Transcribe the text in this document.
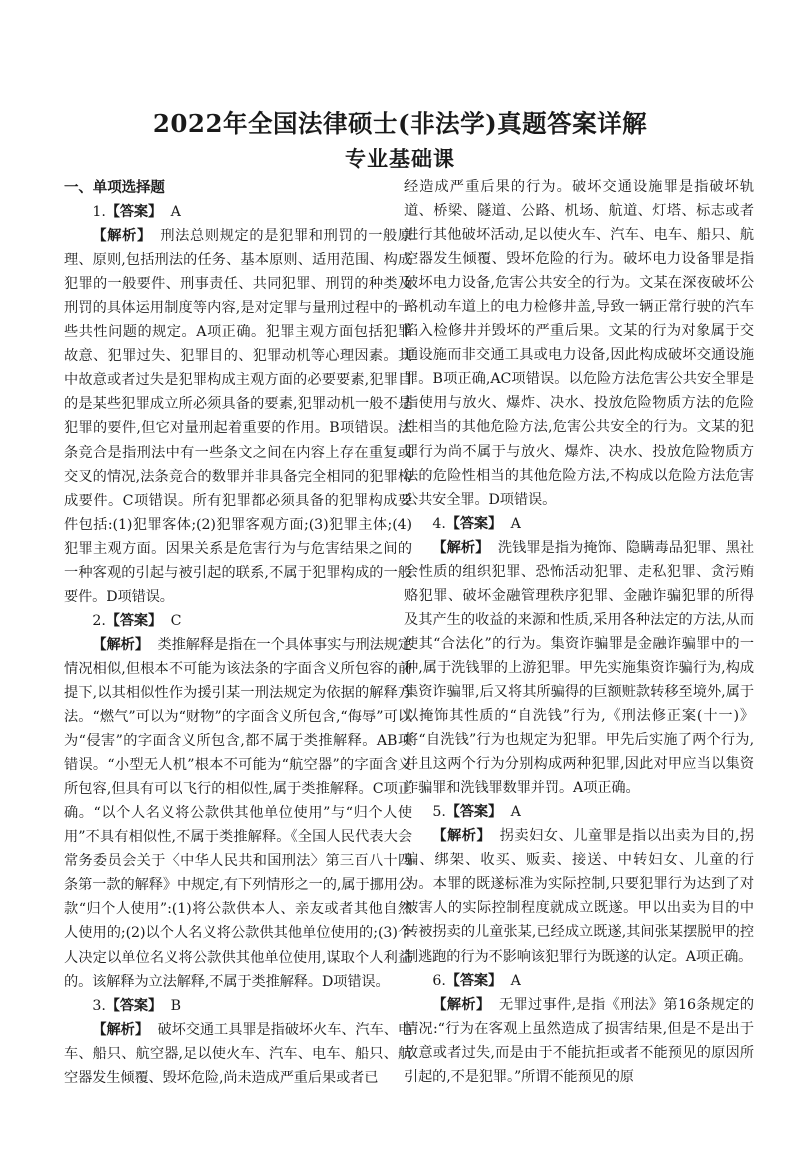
2022年全国法律硕士(非法学)真题答案详解
专业基础课

一、单项选择题

1.【答案】 A

【解析】 刑法总则规定的是犯罪和刑罚的一般原理、原则,包括刑法的任务、基本原则、适用范围、构成犯罪的一般要件、刑事责任、共同犯罪、刑罚的种类及刑罚的具体运用制度等内容,是对定罪与量刑过程中的一些共性问题的规定。A项正确。犯罪主观方面包括犯罪故意、犯罪过失、犯罪目的、犯罪动机等心理因素。其中故意或者过失是犯罪构成主观方面的必要要素,犯罪目的是某些犯罪成立所必须具备的要素,犯罪动机一般不是犯罪的要件,但它对量刑起着重要的作用。B项错误。法条竞合是指刑法中有一些条文之间在内容上存在重复或交叉的情况,法条竞合的数罪并非具备完全相同的犯罪构成要件。C项错误。所有犯罪都必须具备的犯罪构成要件包括:(1)犯罪客体;(2)犯罪客观方面;(3)犯罪主体;(4)犯罪主观方面。因果关系是危害行为与危害结果之间的一种客观的引起与被引起的联系,不属于犯罪构成的一般要件。D项错误。

2.【答案】 C

【解析】 类推解释是指在一个具体事实与刑法规定情况相似,但根本不可能为该法条的字面含义所包容的前提下,以其相似性作为援引某一刑法规定为依据的解释方法。“燃气”可以为“财物”的字面含义所包含,“侮辱”可以为“侵害”的字面含义所包含,都不属于类推解释。AB项错误。“小型无人机”根本不可能为“航空器”的字面含义所包容,但具有可以飞行的相似性,属于类推解释。C项正确。“以个人名义将公款供其他单位使用”与“归个人使用”不具有相似性,不属于类推解释。《全国人民代表大会常务委员会关于〈中华人民共和国刑法〉第三百八十四条第一款的解释》中规定,有下列情形之一的,属于挪用公款“归个人使用”:(1)将公款供本人、亲友或者其他自然人使用的;(2)以个人名义将公款供其他单位使用的;(3)个人决定以单位名义将公款供其他单位使用,谋取个人利益的。该解释为立法解释,不属于类推解释。D项错误。

3.【答案】 B

【解析】 破坏交通工具罪是指破坏火车、汽车、电车、船只、航空器,足以使火车、汽车、电车、船只、航空器发生倾覆、毁坏危险,尚未造成严重后果或者已

经造成严重后果的行为。破坏交通设施罪是指破坏轨道、桥梁、隧道、公路、机场、航道、灯塔、标志或者进行其他破坏活动,足以使火车、汽车、电车、船只、航空器发生倾覆、毁坏危险的行为。破坏电力设备罪是指破坏电力设备,危害公共安全的行为。文某在深夜破坏公路机动车道上的电力检修井盖,导致一辆正常行驶的汽车陷入检修井并毁坏的严重后果。文某的行为对象属于交通设施而非交通工具或电力设备,因此构成破坏交通设施罪。B项正确,AC项错误。以危险方法危害公共安全罪是指使用与放火、爆炸、决水、投放危险物质方法的危险性相当的其他危险方法,危害公共安全的行为。文某的犯罪行为尚不属于与放火、爆炸、决水、投放危险物质方法的危险性相当的其他危险方法,不构成以危险方法危害公共安全罪。D项错误。

4.【答案】 A

【解析】 洗钱罪是指为掩饰、隐瞒毒品犯罪、黑社会性质的组织犯罪、恐怖活动犯罪、走私犯罪、贪污贿赂犯罪、破坏金融管理秩序犯罪、金融诈骗犯罪的所得及其产生的收益的来源和性质,采用各种法定的方法,从而使其“合法化”的行为。集资诈骗罪是金融诈骗罪中的一种,属于洗钱罪的上游犯罪。甲先实施集资诈骗行为,构成集资诈骗罪,后又将其所骗得的巨额赃款转移至境外,属于以掩饰其性质的“自洗钱”行为,《刑法修正案(十一)》将“自洗钱”行为也规定为犯罪。甲先后实施了两个行为,并且这两个行为分别构成两种犯罪,因此对甲应当以集资诈骗罪和洗钱罪数罪并罚。A项正确。

5.【答案】 A

【解析】 拐卖妇女、儿童罪是指以出卖为目的,拐骗、绑架、收买、贩卖、接送、中转妇女、儿童的行为。本罪的既遂标准为实际控制,只要犯罪行为达到了对被害人的实际控制程度就成立既遂。甲以出卖为目的中转被拐卖的儿童张某,已经成立既遂,其间张某摆脱甲的控制逃跑的行为不影响该犯罪行为既遂的认定。A项正确。

6.【答案】 A

【解析】 无罪过事件,是指《刑法》第16条规定的情况:“行为在客观上虽然造成了损害结果,但是不是出于故意或者过失,而是由于不能抗拒或者不能预见的原因所引起的,不是犯罪。”所谓不能预见的原
